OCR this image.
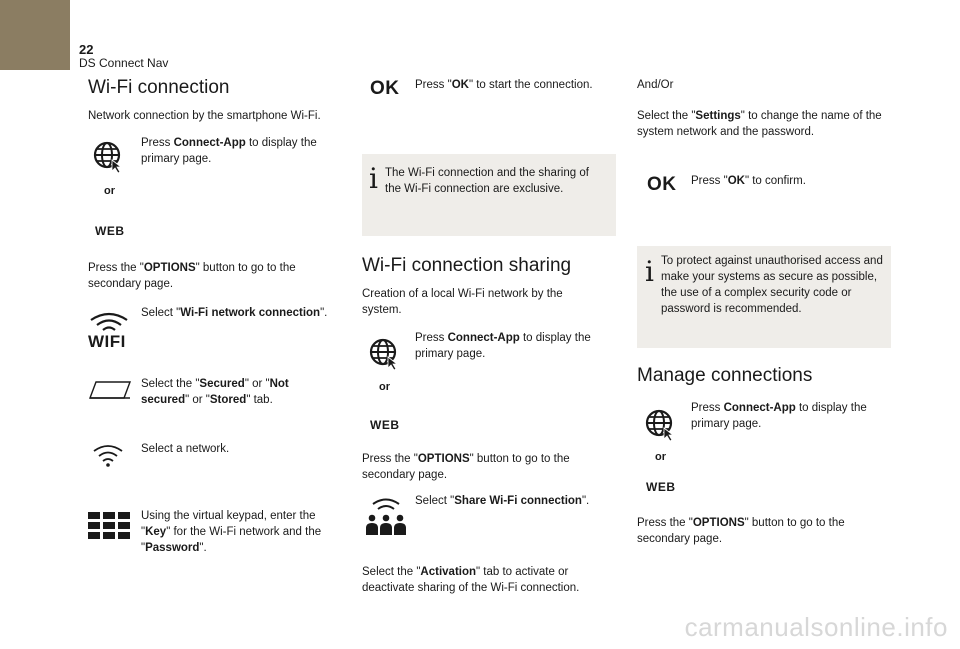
22
DS Connect Nav
Wi-Fi connection
Network connection by the smartphone Wi-Fi.
or
WEB
Press Connect-App to display the primary page.
Press the "OPTIONS" button to go to the secondary page.
WIFI
Select "Wi-Fi network connection".
Select the "Secured" or "Not secured" or "Stored" tab.
Select a network.
Using the virtual keypad, enter the "Key" for the Wi-Fi network and the "Password".
OK Press "OK" to start the connection.
i The Wi-Fi connection and the sharing of the Wi-Fi connection are exclusive.
Wi-Fi connection sharing
Creation of a local Wi-Fi network by the system.
or
WEB
Press Connect-App to display the primary page.
Press the "OPTIONS" button to go to the secondary page.
Select "Share Wi-Fi connection".
Select the "Activation" tab to activate or deactivate sharing of the Wi-Fi connection.
And/Or
Select the "Settings" to change the name of the system network and the password.
OK Press "OK" to confirm.
i To protect against unauthorised access and make your systems as secure as possible, the use of a complex security code or password is recommended.
Manage connections
or
WEB
Press Connect-App to display the primary page.
Press the "OPTIONS" button to go to the secondary page.
carmanualsonline.info
